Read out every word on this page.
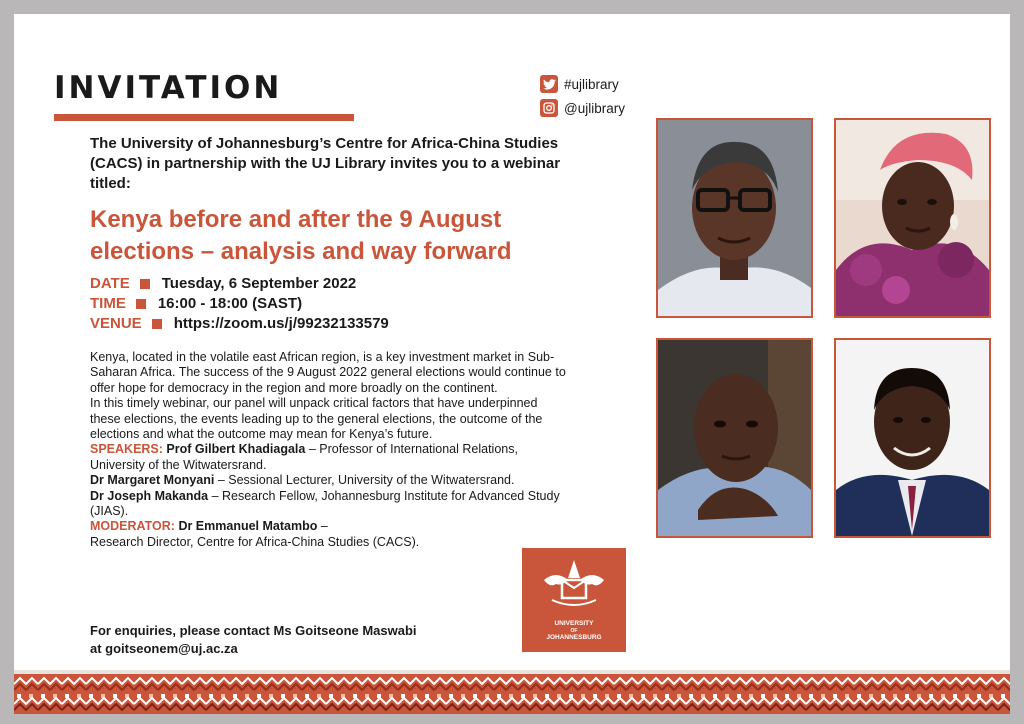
INVITATION	#ujlibrary
@ujlibrary
The University of Johannesburg’s Centre for Africa-China Studies (CACS) in partnership with the UJ Library invites you to a webinar titled:
Kenya before and after the 9 August elections – analysis and way forward
DATE Tuesday, 6 September 2022
TIME 16:00 - 18:00 (SAST)
VENUE https://zoom.us/j/99232133579

Kenya, located in the volatile east African region, is a key investment market in Sub-Saharan Africa. The success of the 9 August 2022 general elections would continue to offer hope for democracy in the region and more broadly on the continent.

In this timely webinar, our panel will unpack critical factors that have underpinned these elections, the events leading up to the general elections, the outcome of the elections and what the outcome may mean for Kenya’s future.

SPEAKERS: Prof Gilbert Khadiagala – Professor of International Relations, University of the Witwatersrand.

Dr Margaret Monyani – Sessional Lecturer, University of the Witwatersrand.

Dr Joseph Makanda – Research Fellow, Johannesburg Institute for Advanced Study (JIAS).

MODERATOR: Dr Emmanuel Matambo –

Research Director, Centre for Africa-China Studies (CACS).

For enquiries, please contact Ms Goitseone Maswabi
at goitseonem@uj.ac.za
UNIVERSITY
OF
JOHANNESBURG
